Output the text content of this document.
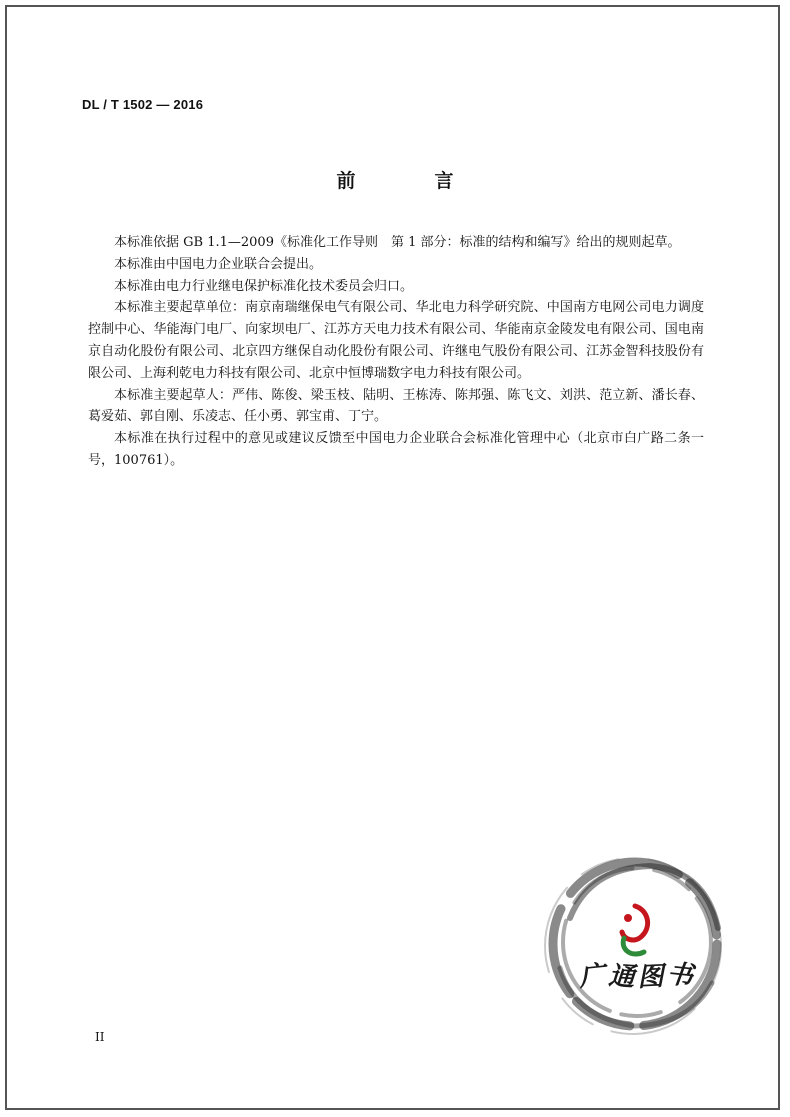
DL / T 1502 — 2016
前　言

本标准依据 GB 1.1—2009《标准化工作导则　第 1 部分：标准的结构和编写》给出的规则起草。

本标准由中国电力企业联合会提出。

本标准由电力行业继电保护标准化技术委员会归口。

本标准主要起草单位：南京南瑞继保电气有限公司、华北电力科学研究院、中国南方电网公司电力调度控制中心、华能海门电厂、向家坝电厂、江苏方天电力技术有限公司、华能南京金陵发电有限公司、国电南京自动化股份有限公司、北京四方继保自动化股份有限公司、许继电气股份有限公司、江苏金智科技股份有限公司、上海利乾电力科技有限公司、北京中恒博瑞数字电力科技有限公司。

本标准主要起草人：严伟、陈俊、梁玉枝、陆明、王栋涛、陈邦强、陈飞文、刘洪、范立新、潘长春、葛爱茹、郭自刚、乐凌志、任小勇、郭宝甫、丁宁。

本标准在执行过程中的意见或建议反馈至中国电力企业联合会标准化管理中心（北京市白广路二条一号，100761）。

II
广 通 图 书
